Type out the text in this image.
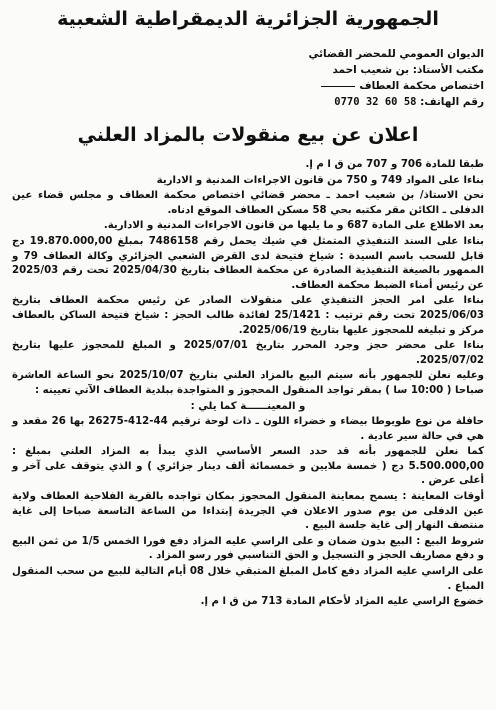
الجمهورية الجزائرية الديمقراطية الشعبية
الديوان العمومي للمحضر القضائي
مكتب الأستاذ: بن شعيب احمد
اختصاص محكمة العطاف
رقم الهاتف: 0770 32 60 58
اعلان عن بيع منقولات بالمزاد العلني

طبقا للمادة 706 و 707 من ق ا م إ.

بناءا على المواد 749 و 750 من قانون الاجراءات المدنية و الادارية

نحن الاستاذ/ بن شعيب احمد ـ محضر قضائي اختصاص محكمة العطاف و مجلس قضاء عين الدفلى ـ الكائن مقر مكتبه بحي 58 مسكن العطاف الموقع ادناه.

بعد الاطلاع على المادة 687 و ما يليها من قانون الاجراءات المدنية و الادارية.

بناءا على السند التنفيذي المتمثل في شيك يحمل رقم 7486158 بمبلغ 19.870.000,00 دج قابل للسحب باسم السيدة : شياخ فتيحة لدى القرض الشعبي الجزائري وكالة العطاف 79 و الممهور بالصيغة التنفيذية الصادرة عن محكمة العطاف بتاريخ 2025/04/30 تحت رقم 2025/03 عن رئيس أمناء الضبط محكمة العطاف.

بناءا على امر الحجز التنفيذي على منقولات الصادر عن رئيس محكمة العطاف بتاريخ 2025/06/03 تحت رقم ترتيب : 25/1421 لفائدة طالب الحجز : شياخ فتيحة الساكن بالعطاف مركز و تبليغه للمحجوز عليها بتاريخ 2025/06/19.

بناءا على محضر حجز وجرد المحرر بتاريخ 2025/07/01 و المبلغ للمحجوز عليها بتاريخ 2025/07/02.

وعليه نعلن للجمهور بأنه سيتم البيع بالمزاد العلني بتاريخ 2025/10/07 نحو الساعة العاشرة صباحا ( 10:00 سا ) بمقر تواجد المنقول المحجوز و المتواجدة ببلدية العطاف الآتي تعيينه :

و المعينــــــة كما يلي :

حافلة من نوع طويوطا بيضاء و خضراء اللون ـ ذات لوحة ترقيم 44-412-26275 بها 26 مقعد و هي في حالة سير عادية .

كما نعلن للجمهور بأنه قد حدد السعر الأساسي الذي يبدأ به المزاد العلني بمبلغ : 5.500.000,00 دج ( خمسة ملايين و خمسمائة ألف دينار جزائري ) و الذي يتوقف على آخر و أعلى عرض .

أوقات المعاينة : يسمح بمعاينة المنقول المحجوز بمكان تواجده بالقرية الفلاحية العطاف ولاية عين الدفلى من يوم صدور الاعلان في الجريدة إبتداءا من الساعة التاسعة صباحا إلى غاية منتصف النهار إلى غاية جلسة البيع .

شروط البيع : البيع بدون ضمان و على الراسي عليه المزاد دفع فورا الخمس 1/5 من ثمن البيع و دفع مصاريف الحجز و التسجيل و الحق التناسبي فور رسو المزاد .

على الراسي عليه المزاد دفع كامل المبلغ المتبقي خلال 08 أيام التالية للبيع من سحب المنقول المباع .

خضوع الراسي عليه المزاد لأحكام المادة 713 من ق ا م إ.
